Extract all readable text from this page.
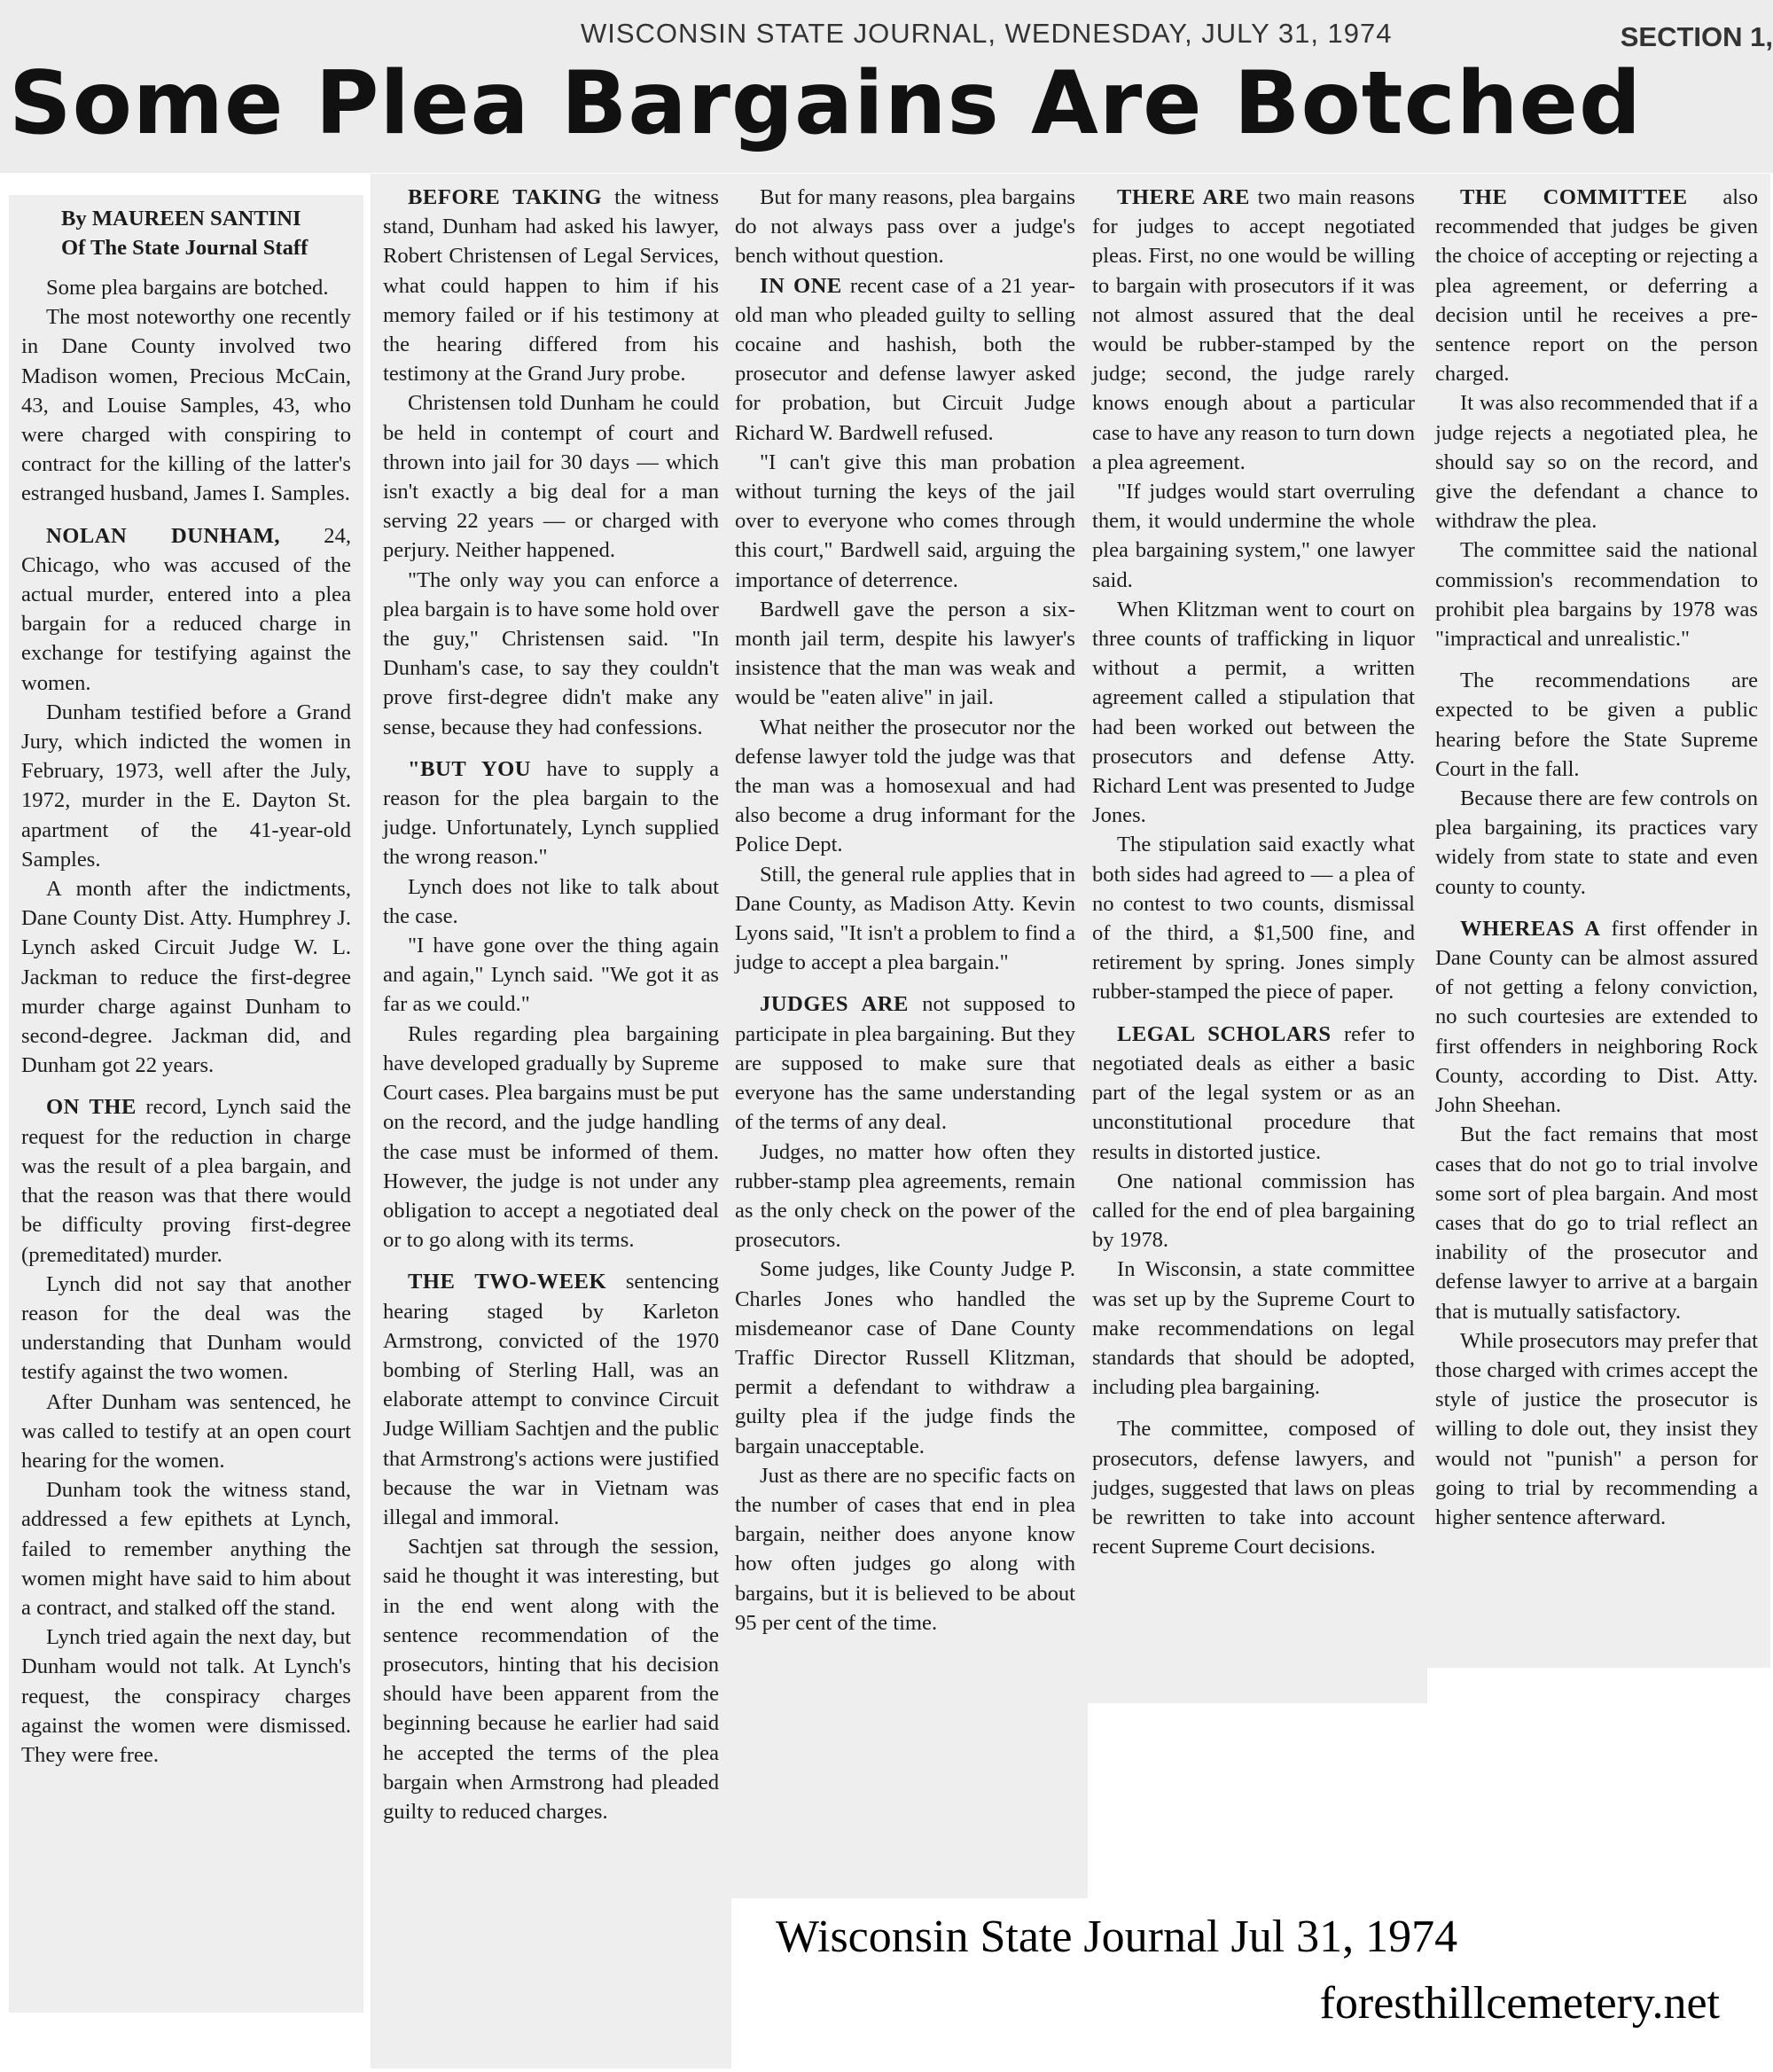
WISCONSIN STATE JOURNAL, WEDNESDAY, JULY 31, 1974	SECTION 1,
Some Plea Bargains Are Botched
By MAUREEN SANTINI
Of The State Journal Staff

Some plea bargains are botched.

The most noteworthy one recently in Dane County involved two Madison women, Precious McCain, 43, and Louise Samples, 43, who were charged with conspiring to contract for the killing of the latter's estranged husband, James I. Samples.

NOLAN DUNHAM, 24, Chicago, who was accused of the actual murder, entered into a plea bargain for a reduced charge in exchange for testifying against the women.

Dunham testified before a Grand Jury, which indicted the women in February, 1973, well after the July, 1972, murder in the E. Dayton St. apartment of the 41-year-old Samples.

A month after the indictments, Dane County Dist. Atty. Humphrey J. Lynch asked Circuit Judge W. L. Jackman to reduce the first-degree murder charge against Dunham to second-degree. Jackman did, and Dunham got 22 years.

ON THE record, Lynch said the request for the reduction in charge was the result of a plea bargain, and that the reason was that there would be difficulty proving first-degree (premeditated) murder.

Lynch did not say that another reason for the deal was the understanding that Dunham would testify against the two women.

After Dunham was sentenced, he was called to testify at an open court hearing for the women.

Dunham took the witness stand, addressed a few epithets at Lynch, failed to remember anything the women might have said to him about a contract, and stalked off the stand.

Lynch tried again the next day, but Dunham would not talk. At Lynch's request, the conspiracy charges against the women were dismissed. They were free.

BEFORE TAKING the witness stand, Dunham had asked his lawyer, Robert Christensen of Legal Services, what could happen to him if his memory failed or if his testimony at the hearing differed from his testimony at the Grand Jury probe.

Christensen told Dunham he could be held in contempt of court and thrown into jail for 30 days — which isn't exactly a big deal for a man serving 22 years — or charged with perjury. Neither happened.

"The only way you can enforce a plea bargain is to have some hold over the guy," Christensen said. "In Dunham's case, to say they couldn't prove first-degree didn't make any sense, because they had confessions.

"BUT YOU have to supply a reason for the plea bargain to the judge. Unfortunately, Lynch supplied the wrong reason."

Lynch does not like to talk about the case.

"I have gone over the thing again and again," Lynch said. "We got it as far as we could."

Rules regarding plea bargaining have developed gradually by Supreme Court cases. Plea bargains must be put on the record, and the judge handling the case must be informed of them. However, the judge is not under any obligation to accept a negotiated deal or to go along with its terms.

THE TWO-WEEK sentencing hearing staged by Karleton Armstrong, convicted of the 1970 bombing of Sterling Hall, was an elaborate attempt to convince Circuit Judge William Sachtjen and the public that Armstrong's actions were justified because the war in Vietnam was illegal and immoral.

Sachtjen sat through the session, said he thought it was interesting, but in the end went along with the sentence recommendation of the prosecutors, hinting that his decision should have been apparent from the beginning because he earlier had said he accepted the terms of the plea bargain when Armstrong had pleaded guilty to reduced charges.

But for many reasons, plea bargains do not always pass over a judge's bench without question.

IN ONE recent case of a 21 year-old man who pleaded guilty to selling cocaine and hashish, both the prosecutor and defense lawyer asked for probation, but Circuit Judge Richard W. Bardwell refused.

"I can't give this man probation without turning the keys of the jail over to everyone who comes through this court," Bardwell said, arguing the importance of deterrence.

Bardwell gave the person a six-month jail term, despite his lawyer's insistence that the man was weak and would be "eaten alive" in jail.

What neither the prosecutor nor the defense lawyer told the judge was that the man was a homosexual and had also become a drug informant for the Police Dept.

Still, the general rule applies that in Dane County, as Madison Atty. Kevin Lyons said, "It isn't a problem to find a judge to accept a plea bargain."

JUDGES ARE not supposed to participate in plea bargaining. But they are supposed to make sure that everyone has the same understanding of the terms of any deal.

Judges, no matter how often they rubber-stamp plea agreements, remain as the only check on the power of the prosecutors.

Some judges, like County Judge P. Charles Jones who handled the misdemeanor case of Dane County Traffic Director Russell Klitzman, permit a defendant to withdraw a guilty plea if the judge finds the bargain unacceptable.

Just as there are no specific facts on the number of cases that end in plea bargain, neither does anyone know how often judges go along with bargains, but it is believed to be about 95 per cent of the time.

THERE ARE two main reasons for judges to accept negotiated pleas. First, no one would be willing to bargain with prosecutors if it was not almost assured that the deal would be rubber-stamped by the judge; second, the judge rarely knows enough about a particular case to have any reason to turn down a plea agreement.

"If judges would start overruling them, it would undermine the whole plea bargaining system," one lawyer said.

When Klitzman went to court on three counts of trafficking in liquor without a permit, a written agreement called a stipulation that had been worked out between the prosecutors and defense Atty. Richard Lent was presented to Judge Jones.

The stipulation said exactly what both sides had agreed to — a plea of no contest to two counts, dismissal of the third, a $1,500 fine, and retirement by spring. Jones simply rubber-stamped the piece of paper.

LEGAL SCHOLARS refer to negotiated deals as either a basic part of the legal system or as an unconstitutional procedure that results in distorted justice.

One national commission has called for the end of plea bargaining by 1978.

In Wisconsin, a state committee was set up by the Supreme Court to make recommendations on legal standards that should be adopted, including plea bargaining.

The committee, composed of prosecutors, defense lawyers, and judges, suggested that laws on pleas be rewritten to take into account recent Supreme Court decisions.

THE COMMITTEE also recommended that judges be given the choice of accepting or rejecting a plea agreement, or deferring a decision until he receives a pre-sentence report on the person charged.

It was also recommended that if a judge rejects a negotiated plea, he should say so on the record, and give the defendant a chance to withdraw the plea.

The committee said the national commission's recommendation to prohibit plea bargains by 1978 was "impractical and unrealistic."

The recommendations are expected to be given a public hearing before the State Supreme Court in the fall.

Because there are few controls on plea bargaining, its practices vary widely from state to state and even county to county.

WHEREAS A first offender in Dane County can be almost assured of not getting a felony conviction, no such courtesies are extended to first offenders in neighboring Rock County, according to Dist. Atty. John Sheehan.

But the fact remains that most cases that do not go to trial involve some sort of plea bargain. And most cases that do go to trial reflect an inability of the prosecutor and defense lawyer to arrive at a bargain that is mutually satisfactory.

While prosecutors may prefer that those charged with crimes accept the style of justice the prosecutor is willing to dole out, they insist they would not "punish" a person for going to trial by recommending a higher sentence afterward.

Wisconsin State Journal Jul 31, 1974
foresthillcemetery.net
